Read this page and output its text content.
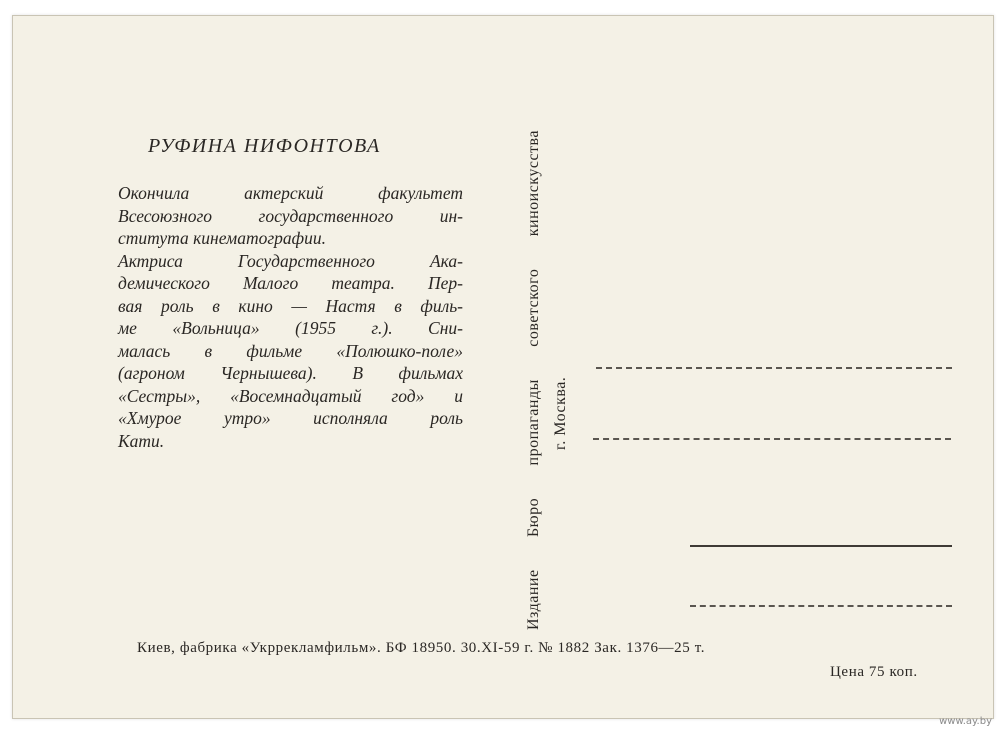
РУФИНА НИФОНТОВА
Окончила актерский факультет
Всесоюзного государственного ин-
ститута кинематографии.
Актриса Государственного Ака-
демического Малого театра. Пер-
вая роль в кино — Настя в филь-
ме «Вольница» (1955 г.). Сни-
малась в фильме «Полюшко-поле»
(агроном Чернышева). В фильмах
«Сестры», «Восемнадцатый год» и
«Хмурое утро» исполняла роль
Кати.	Издание Бюро пропаганды советского киноискусства г. Москва.
Киев, фабрика «Укррекламфильм». БФ 18950. 30.XI-59 г. № 1882 Зак. 1376—25 т.
Цена 75 коп.
www.ay.by
